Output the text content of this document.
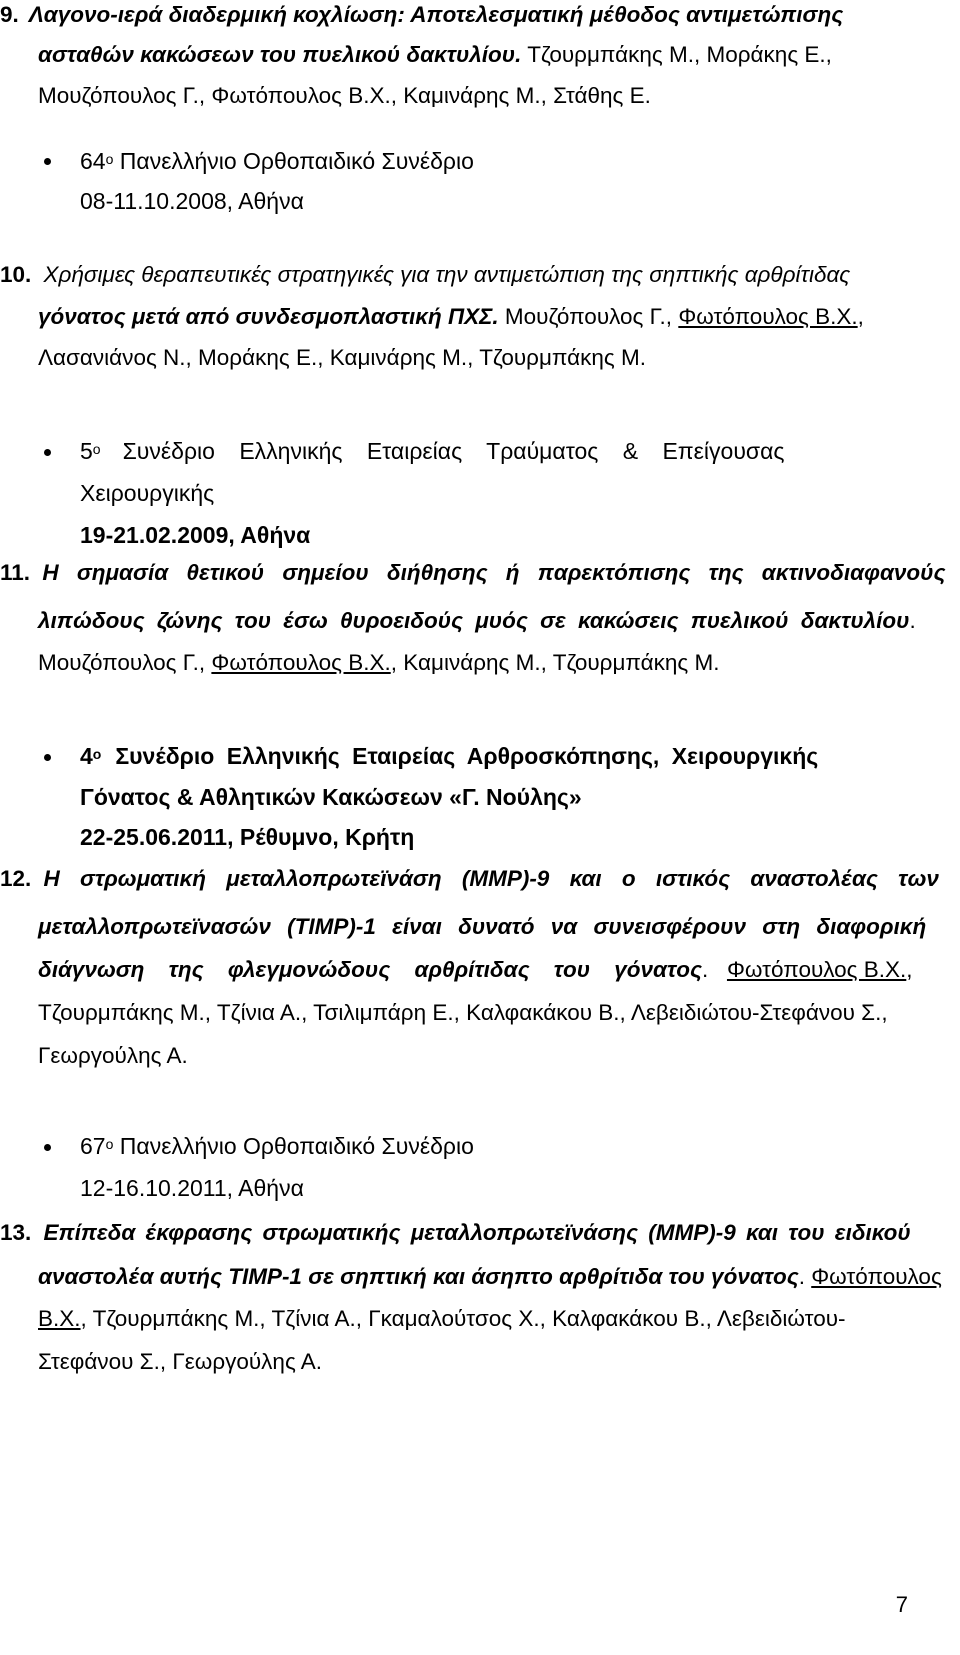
9. Λαγονο-ιερά διαδερμική κοχλίωση: Αποτελεσματική μέθοδος αντιμετώπισης
ασταθών κακώσεων του πυελικού δακτυλίου. Τζουρμπάκης Μ., Μοράκης Ε.,
Μουζόπουλος Γ., Φωτόπουλος Β.Χ., Καμινάρης Μ., Στάθης Ε.
$64^o$ Πανελλήνιο Ορθοπαιδικό Συνέδριο
08-11.10.2008, Αθήνα
10. Χρήσιμες θεραπευτικές στρατηγικές για την αντιμετώπιση της σηπτικής αρθρίτιδας
γόνατος μετά από συνδεσμοπλαστική ΠΧΣ. Μουζόπουλος Γ., Φωτόπουλος Β.Χ.,
Λασανιάνος Ν., Μοράκης Ε., Καμινάρης Μ., Τζουρμπάκης Μ.
$5^o$ Συνέδριο Ελληνικής Εταιρείας Τραύματος & Επείγουσας
Χειρουργικής
19-21.02.2009, Αθήνα
11. Η σημασία θετικού σημείου διήθησης ή παρεκτόπισης της ακτινοδιαφανούς
λιπώδους ζώνης του έσω θυροειδούς μυός σε κακώσεις πυελικού δακτυλίου.
Μουζόπουλος Γ., Φωτόπουλος Β.Χ., Καμινάρης Μ., Τζουρμπάκης Μ.
$4^o$ Συνέδριο Ελληνικής Εταιρείας Αρθροσκόπησης, Χειρουργικής
Γόνατος & Αθλητικών Κακώσεων «Γ. Νούλης»
22-25.06.2011, Ρέθυμνο, Κρήτη
12. Η στρωματική μεταλλοπρωτεϊνάση (MMP)-9 και ο ιστικός αναστολέας των
μεταλλοπρωτεϊνασών (TIMP)-1 είναι δυνατό να συνεισφέρουν στη διαφορική
διάγνωση της φλεγμονώδους αρθρίτιδας του γόνατος.   Φωτόπουλος Β.Χ.,
Τζουρμπάκης Μ., Τζίνια Α., Τσιλιμπάρη Ε., Καλφακάκου Β., Λεβειδιώτου-Στεφάνου Σ.,
Γεωργούλης Α.
$67^o$ Πανελλήνιο Ορθοπαιδικό Συνέδριο
12-16.10.2011, Αθήνα
13. Επίπεδα έκφρασης στρωματικής μεταλλοπρωτεϊνάσης (MMP)-9 και του ειδικού
αναστολέα αυτής TIMP-1 σε σηπτική και άσηπτο αρθρίτιδα του γόνατος. Φωτόπουλος
Β.Χ., Τζουρμπάκης Μ., Τζίνια Α., Γκαμαλούτσος Χ., Καλφακάκου Β., Λεβειδιώτου-
Στεφάνου Σ., Γεωργούλης Α.
7
